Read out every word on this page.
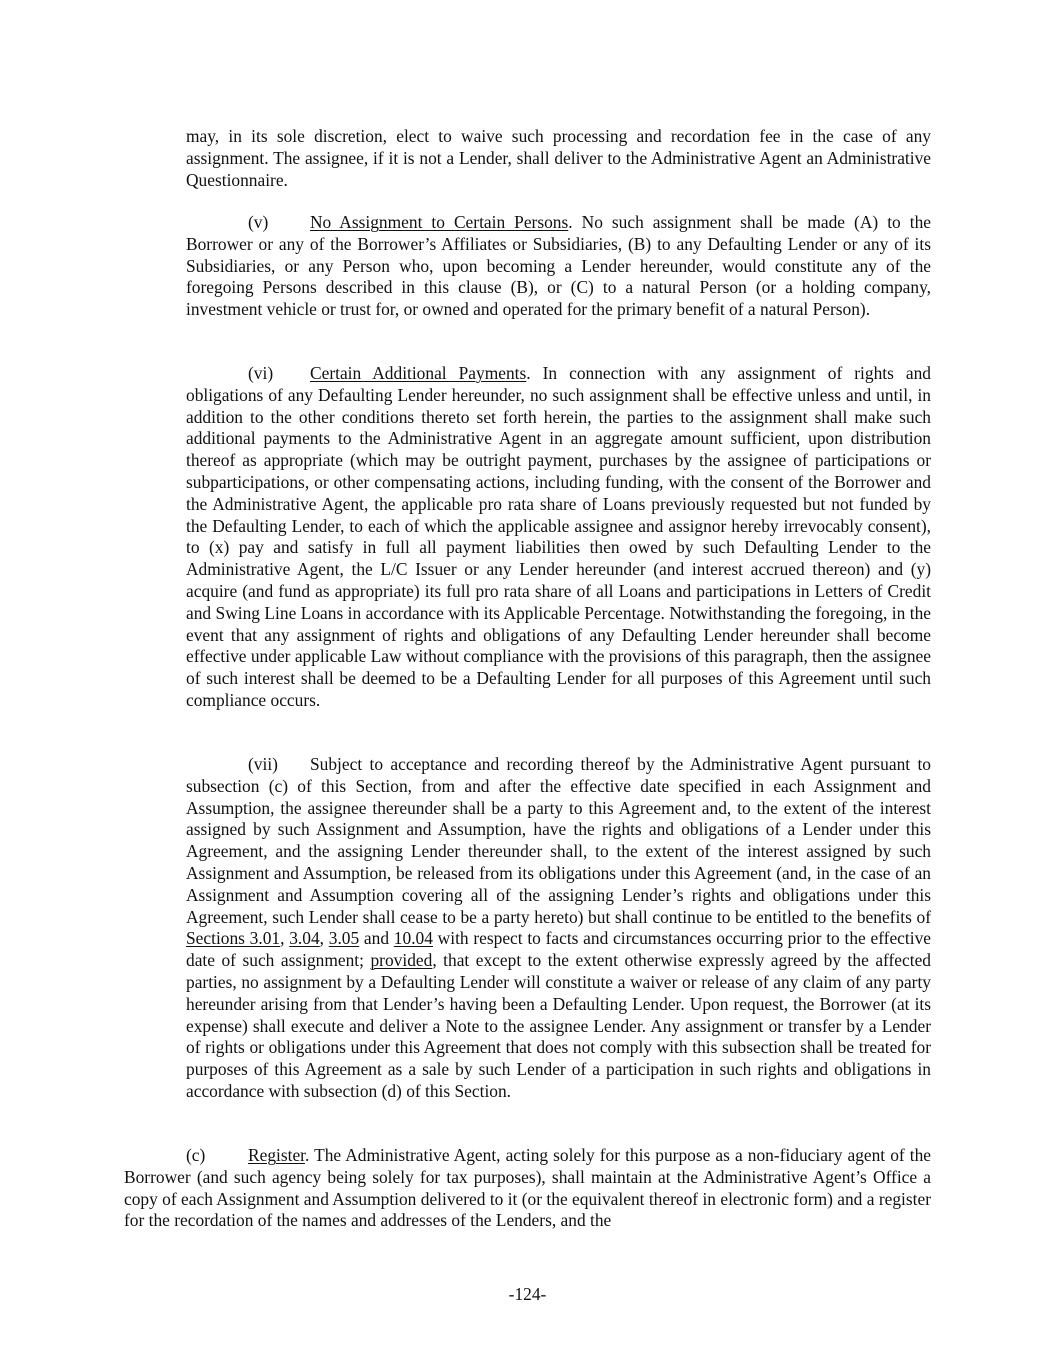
may, in its sole discretion, elect to waive such processing and recordation fee in the case of any assignment. The assignee, if it is not a Lender, shall deliver to the Administrative Agent an Administrative Questionnaire.

(v) No Assignment to Certain Persons. No such assignment shall be made (A) to the Borrower or any of the Borrower’s Affiliates or Subsidiaries, (B) to any Defaulting Lender or any of its Subsidiaries, or any Person who, upon becoming a Lender hereunder, would constitute any of the foregoing Persons described in this clause (B), or (C) to a natural Person (or a holding company, investment vehicle or trust for, or owned and operated for the primary benefit of a natural Person).

(vi) Certain Additional Payments. In connection with any assignment of rights and obligations of any Defaulting Lender hereunder, no such assignment shall be effective unless and until, in addition to the other conditions thereto set forth herein, the parties to the assignment shall make such additional payments to the Administrative Agent in an aggregate amount sufficient, upon distribution thereof as appropriate (which may be outright payment, purchases by the assignee of participations or subparticipations, or other compensating actions, including funding, with the consent of the Borrower and the Administrative Agent, the applicable pro rata share of Loans previously requested but not funded by the Defaulting Lender, to each of which the applicable assignee and assignor hereby irrevocably consent), to (x) pay and satisfy in full all payment liabilities then owed by such Defaulting Lender to the Administrative Agent, the L/C Issuer or any Lender hereunder (and interest accrued thereon) and (y) acquire (and fund as appropriate) its full pro rata share of all Loans and participations in Letters of Credit and Swing Line Loans in accordance with its Applicable Percentage. Notwithstanding the foregoing, in the event that any assignment of rights and obligations of any Defaulting Lender hereunder shall become effective under applicable Law without compliance with the provisions of this paragraph, then the assignee of such interest shall be deemed to be a Defaulting Lender for all purposes of this Agreement until such compliance occurs.

(vii) Subject to acceptance and recording thereof by the Administrative Agent pursuant to subsection (c) of this Section, from and after the effective date specified in each Assignment and Assumption, the assignee thereunder shall be a party to this Agreement and, to the extent of the interest assigned by such Assignment and Assumption, have the rights and obligations of a Lender under this Agreement, and the assigning Lender thereunder shall, to the extent of the interest assigned by such Assignment and Assumption, be released from its obligations under this Agreement (and, in the case of an Assignment and Assumption covering all of the assigning Lender’s rights and obligations under this Agreement, such Lender shall cease to be a party hereto) but shall continue to be entitled to the benefits of Sections 3.01, 3.04, 3.05 and 10.04 with respect to facts and circumstances occurring prior to the effective date of such assignment; provided, that except to the extent otherwise expressly agreed by the affected parties, no assignment by a Defaulting Lender will constitute a waiver or release of any claim of any party hereunder arising from that Lender’s having been a Defaulting Lender. Upon request, the Borrower (at its expense) shall execute and deliver a Note to the assignee Lender. Any assignment or transfer by a Lender of rights or obligations under this Agreement that does not comply with this subsection shall be treated for purposes of this Agreement as a sale by such Lender of a participation in such rights and obligations in accordance with subsection (d) of this Section.

(c) Register. The Administrative Agent, acting solely for this purpose as a non-fiduciary agent of the Borrower (and such agency being solely for tax purposes), shall maintain at the Administrative Agent’s Office a copy of each Assignment and Assumption delivered to it (or the equivalent thereof in electronic form) and a register for the recordation of the names and addresses of the Lenders, and the

-124-
